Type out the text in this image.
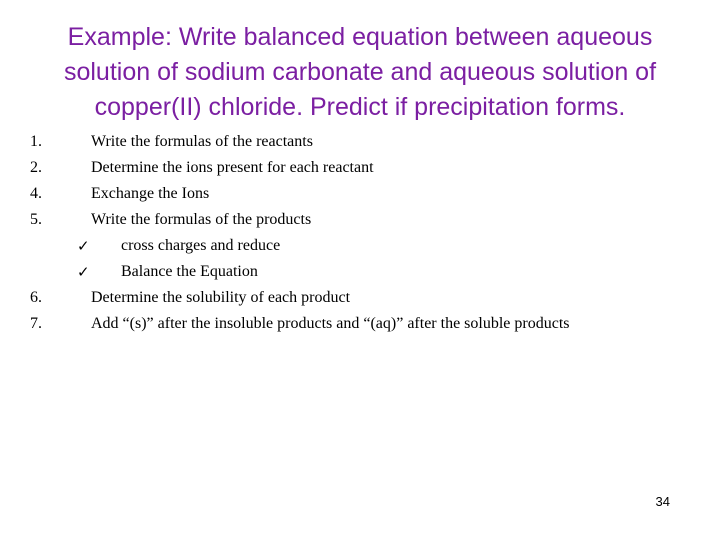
Example: Write balanced equation between aqueous
solution of sodium carbonate and aqueous solution of
copper(II) chloride. Predict if precipitation forms.
1.	Write the formulas of the reactants
2.	Determine the ions present for each reactant
4.	Exchange the Ions
5.	Write the formulas of the products
✓ cross charges and reduce
✓ Balance the Equation
6.	Determine the solubility of each product
7.	Add “(s)” after the insoluble products and “(aq)” after the soluble products
34
